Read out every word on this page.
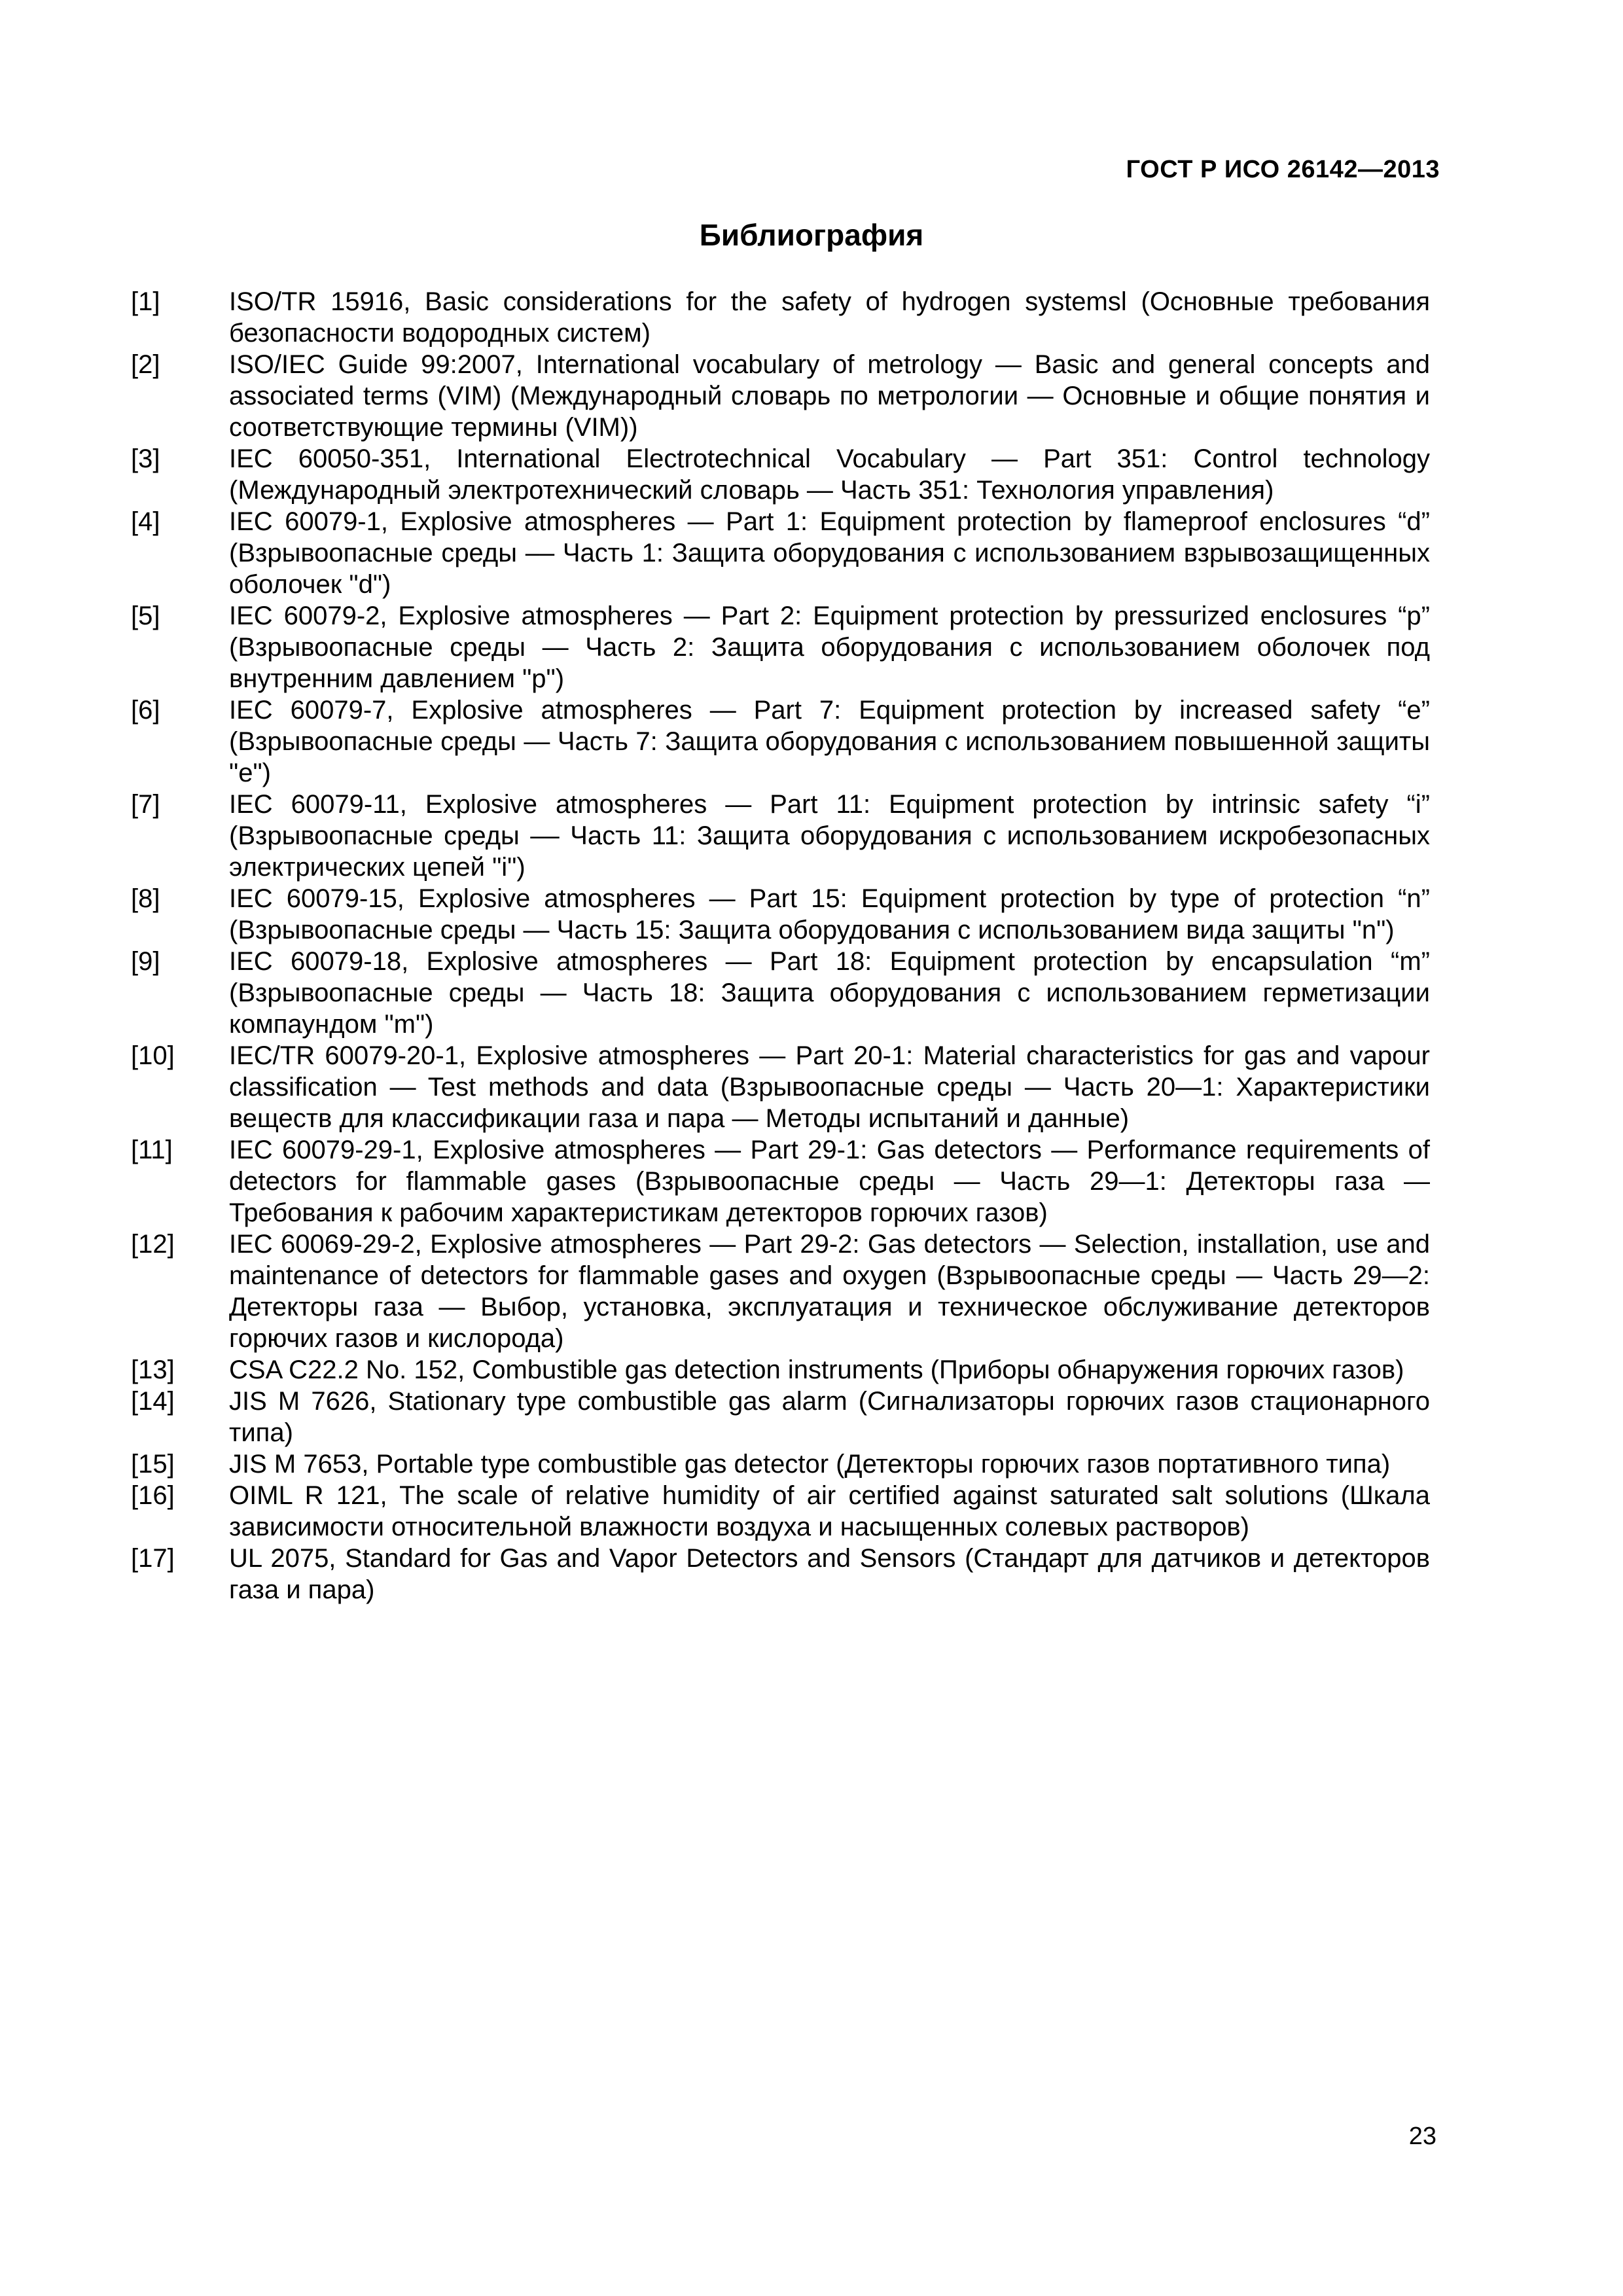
ГОСТ Р ИСО 26142—2013
Библиография
[1]	ISO/TR 15916, Basic considerations for the safety of hydrogen systemsl (Основные требования безопасности водородных систем)
[2]	ISO/IEC Guide 99:2007, International vocabulary of metrology — Basic and general concepts and associated terms (VIM) (Международный словарь по метрологии — Основные и общие понятия и соответствующие термины (VIM))
[3]	IEC 60050-351, International Electrotechnical Vocabulary — Part 351: Control technology (Международный электротехнический словарь — Часть 351: Технология управления)
[4]	IEC 60079-1, Explosive atmospheres — Part 1: Equipment protection by flameproof enclosures “d” (Взрывоопасные среды –– Часть 1: Защита оборудования с использованием взрывозащищенных оболочек "d")
[5]	IEC 60079-2, Explosive atmospheres — Part 2: Equipment protection by pressurized enclosures “p” (Взрывоопасные среды — Часть 2: Защита оборудования с использованием оболочек под внутренним давлением "p")
[6]	IEC 60079-7, Explosive atmospheres — Part 7: Equipment protection by increased safety “e” (Взрывоопасные среды — Часть 7: Защита оборудования с использованием повышенной защиты "e")
[7]	IEC 60079-11, Explosive atmospheres — Part 11: Equipment protection by intrinsic safety “i” (Взрывоопасные среды –– Часть 11: Защита оборудования с использованием искробезопасных электрических цепей "i")
[8]	IEC 60079-15, Explosive atmospheres — Part 15: Equipment protection by type of protection “n” (Взрывоопасные среды — Часть 15: Защита оборудования с использованием вида защиты "n")
[9]	IEC 60079-18, Explosive atmospheres — Part 18: Equipment protection by encapsulation “m” (Взрывоопасные среды — Часть 18: Защита оборудования с использованием герметизации компаундом "m")
[10] IEC/TR 60079-20-1, Explosive atmospheres — Part 20-1: Material characteristics for gas and vapour classification — Test methods and data (Взрывоопасные среды — Часть 20—1: Характеристики веществ для классификации газа и пара — Методы испытаний и данные)
[11] IEC 60079-29-1, Explosive atmospheres — Part 29-1: Gas detectors — Performance requirements of detectors for flammable gases (Взрывоопасные среды — Часть 29—1: Детекторы газа — Требования к рабочим характеристикам детекторов горючих газов)
[12] IEC 60069-29-2, Explosive atmospheres — Part 29-2: Gas detectors — Selection, installation, use and maintenance of detectors for flammable gases and oxygen (Взрывоопасные среды — Часть 29—2: Детекторы газа — Выбор, установка, эксплуатация и техническое обслуживание детекторов горючих газов и кислорода)
[13] CSA C22.2 No. 152, Combustible gas detection instruments (Приборы обнаружения горючих газов)
[14] JIS M 7626, Stationary type combustible gas alarm (Сигнализаторы горючих газов стационарного типа)
[15] JIS M 7653, Portable type combustible gas detector (Детекторы горючих газов портативного типа)
[16] OIML R 121, The scale of relative humidity of air certified against saturated salt solutions (Шкала зависимости относительной влажности воздуха и насыщенных солевых растворов)
[17] UL 2075, Standard for Gas and Vapor Detectors and Sensors (Стандарт для датчиков и детекторов газа и пара)
23
